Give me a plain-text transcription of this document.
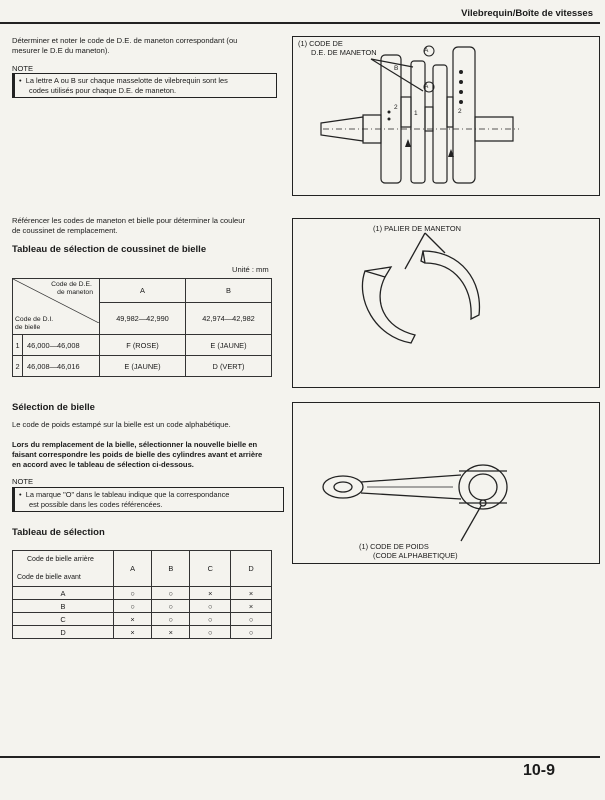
Vilebrequin/Boîte de vitesses
Déterminer et noter le code de D.E. de maneton correspondant (ou
mesurer le D.E du maneton).
NOTE
•  La lettre A ou B sur chaque masselotte de vilebrequin sont les
codes utilisés pour chaque D.E. de maneton.
(1) CODE DE
D.E. DE MANETON	A
A
B
1
2
2
Référencer les codes de maneton et bielle pour déterminer la couleur
de coussinet de remplacement.
Tableau de sélection de coussinet de bielle
Unité : mm
Code de D.E.
de maneton
Code de D.I.
de bielle		A	B
		49,982—42,990	42,974—42,982
1	46,000—46,008	F (ROSE)	E (JAUNE)
2	46,008—46,016	E (JAUNE)	D (VERT)
(1) PALIER DE MANETON
Sélection de bielle
Le code de poids estampé sur la bielle est un code alphabétique.
Lors du remplacement de la bielle, sélectionner la nouvelle bielle en
faisant correspondre les poids de bielle des cylindres avant et arrière
en accord avec le tableau de sélection ci-dessous.
NOTE
•  La marque "O" dans le tableau indique que la correspondance
est possible dans les codes référencées.
(1) CODE DE POIDS
(CODE ALPHABETIQUE)
Tableau de sélection
Code de bielle arrière
Code de bielle avant	A	B	C	D
A	○	○	×	×
B	○	○	○	×
C	×	○	○	○
D	×	×	○	○
10-9
